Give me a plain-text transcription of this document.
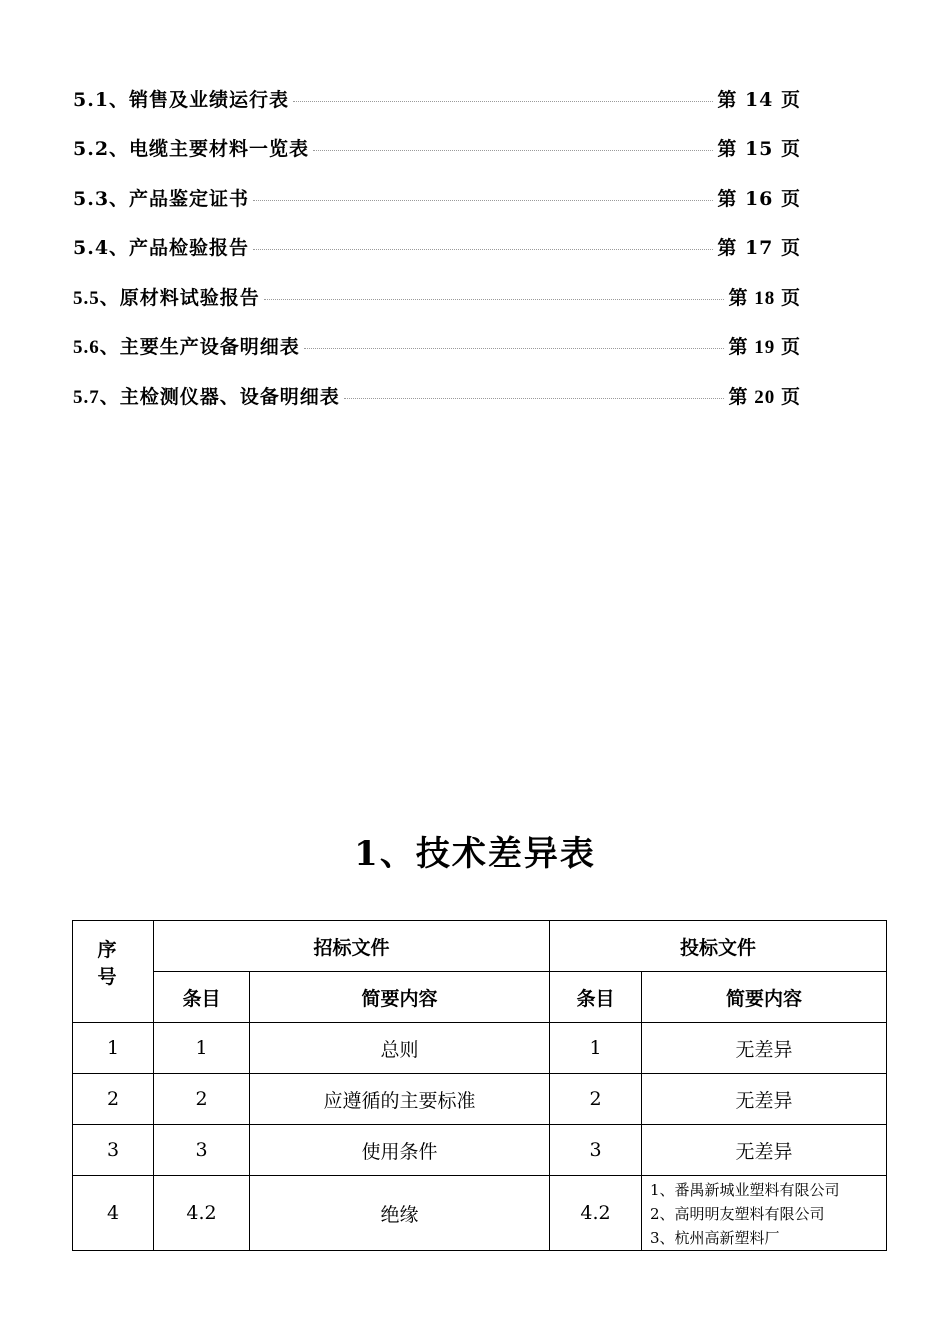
5.1、销售及业绩运行表	第 14 页
5.2、电缆主要材料一览表	第 15 页
5.3、产品鉴定证书	第 16 页
5.4、产品检验报告	第 17 页
5.5、原材料试验报告	第 18 页
5.6、主要生产设备明细表	第 19 页
5.7、主检测仪器、设备明细表	第 20 页
1、技术差异表
序 号	招标文件		投标文件	
	条目	简要内容	条目	简要内容
1	1	总则	1	无差异
2	2	应遵循的主要标准	2	无差异
3	3	使用条件	3	无差异
4	4.2	绝缘	4.2	1、番禺新城业塑料有限公司
2、高明明友塑料有限公司
3、杭州高新塑料厂
